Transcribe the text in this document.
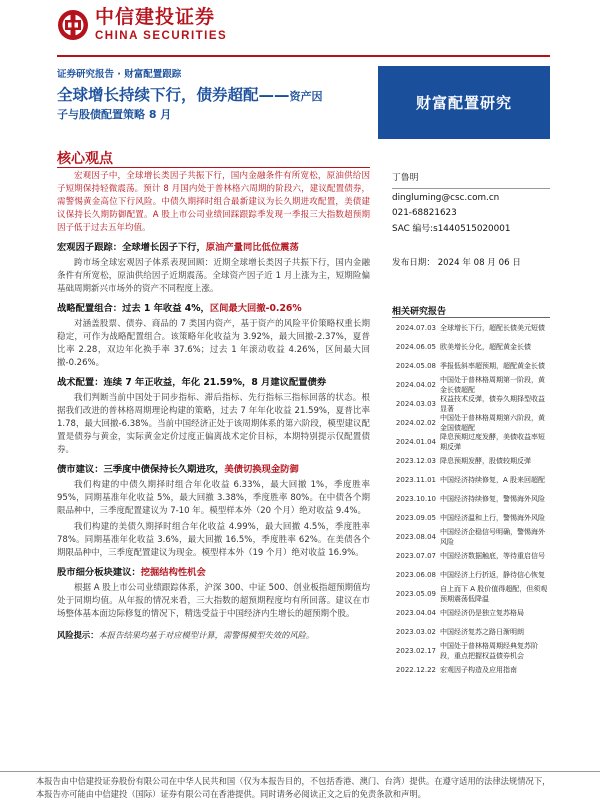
中信建投证券
CHINA SECURITIES
证券研究报告 · 财富配置跟踪
全球增长持续下行，债券超配——资产因
子与股债配置策略 8 月
财富配置研究
核心观点

宏观因子中，全球增长类因子共振下行，国内金融条件有所宽松，原油供给因子短期保持轻微震荡。预计 8 月国内处于普林格六周期的阶段六，建议配置债券，需警惕黄金高位下行风险。中债久期择时组合最新建议为长久期进攻配置，美债建议保持长久期防御配置。A 股上市公司业绩回踩跟踪季发现一季报三大指数超预期因子低于过去五年均值。

宏观因子跟踪：全球增长因子下行，原油产量同比低位震荡

跨市场全球宏观因子体系表现回顾：近期全球增长类因子共振下行，国内金融条件有所宽松，原油供给因子近期震荡。全球资产因子近 1 月上涨为主，短期险偏基础周期新兴市场外的资产不同程度上涨。

战略配置组合：过去 1 年收益 4%，区间最大回撤-0.26%

对涵盖股票、债券、商品的 7 类国内资产，基于资产的风险平价策略权重长期稳定，可作为战略配置组合。该策略年化收益为 3.92%，最大回撤-2.37%，夏普比率 2.28，双边年化换手率 37.6%；过去 1 年滚动收益 4.26%，区间最大回撤-0.26%。

战术配置：连续 7 年正收益，年化 21.59%，8 月建议配置债券

我们判断当前中国处于同步指标、滞后指标、先行指标三指标回落的状态。根据我们改进的普林格周期理论构建的策略，过去 7 年年化收益 21.59%，夏普比率 1.78，最大回撤-6.38%。当前中国经济正处于该周期体系的第六阶段，模型建议配置是债券与黄金，实际黄金定价过度正偏离战术定价目标，本期特别提示仅配置债券。

债市建议：三季度中债保持长久期进攻，美债切换现金防御

我们构建的中债久期择时组合年化收益 6.33%，最大回撤 1%，季度胜率 95%，同期基准年化收益 5%，最大回撤 3.38%，季度胜率 80%。在中债各个期限品种中，三季度配置建议为 7-10 年。模型样本外（20 个月）绝对收益 9.4%。

我们构建的美债久期择时组合年化收益 4.99%，最大回撤 4.5%，季度胜率 78%。同期基准年化收益 3.6%，最大回撤 16.5%，季度胜率 62%。在美债各个期限品种中，三季度配置建议为现金。模型样本外（19 个月）绝对收益 16.9%。

股市细分板块建议：挖掘结构性机会

根据 A 股上市公司业绩跟踪体系，沪深 300、中证 500、创业板指超预期值均处于同期均值。从年报的情况来看，三大指数的超预期程度均有所回落。建议在市场整体基本面边际修复的情况下，精选受益于中国经济内生增长的超预期个股。

风险提示：本报告结果均基于对应模型计算，需警惕模型失效的风险。

丁鲁明
dingluming@csc.com.cn
021-68821623
SAC 编号:s1440515020001
发布日期： 2024 年 08 月 06 日
相关研究报告
2024.07.03 全球增长下行，超配长债美元短债
2024.06.05 欧美增长分化，超配黄金长债
2024.05.08 季报低斜率超预期，超配黄金长债
2024.04.02
中国处于普林格周期第一阶段，黄金长债超配
2024.03.03
权益技术反弹，债券久期择型收益显著
2024.02.02
中国处于普林格周期第六阶段，黄金国债超配
2024.01.04
降息预期过度发酵，美债收益率短期反弹
2023.12.03 降息预期发酵，股债较期反弹
2023.11.01 中国经济持续修复，A 股来回超配
2023.10.10 中国经济持续修复，警惕海外风险
2023.09.05 中国经济温和上行，警惕海外风险
2023.08.04
中国经济企稳信号明确，警惕海外风险
2023.07.07 中国经济数据触底，等待重启信号
2023.06.08 中国经济上行折返，静待信心恢复
2023.05.09
自上而下 A 股价值得超配，但须观预期震荡低降温
2023.04.04 中国经济仍是独立复苏格局
2023.03.02 中国经济复苏之路日渐明朗
2023.02.17
中国处于普林格周期经典复苏阶段，重点把握权益债券机会
2022.12.22 宏观因子构造及应用指南
本报告由中信建投证券股份有限公司在中华人民共和国（仅为本报告目的，不包括香港、澳门、台湾）提供。在遵守适用的法律法规情况下，
本报告亦可能由中信建投（国际）证券有限公司在香港提供。同时请务必阅读正文之后的免责条款和声明。
